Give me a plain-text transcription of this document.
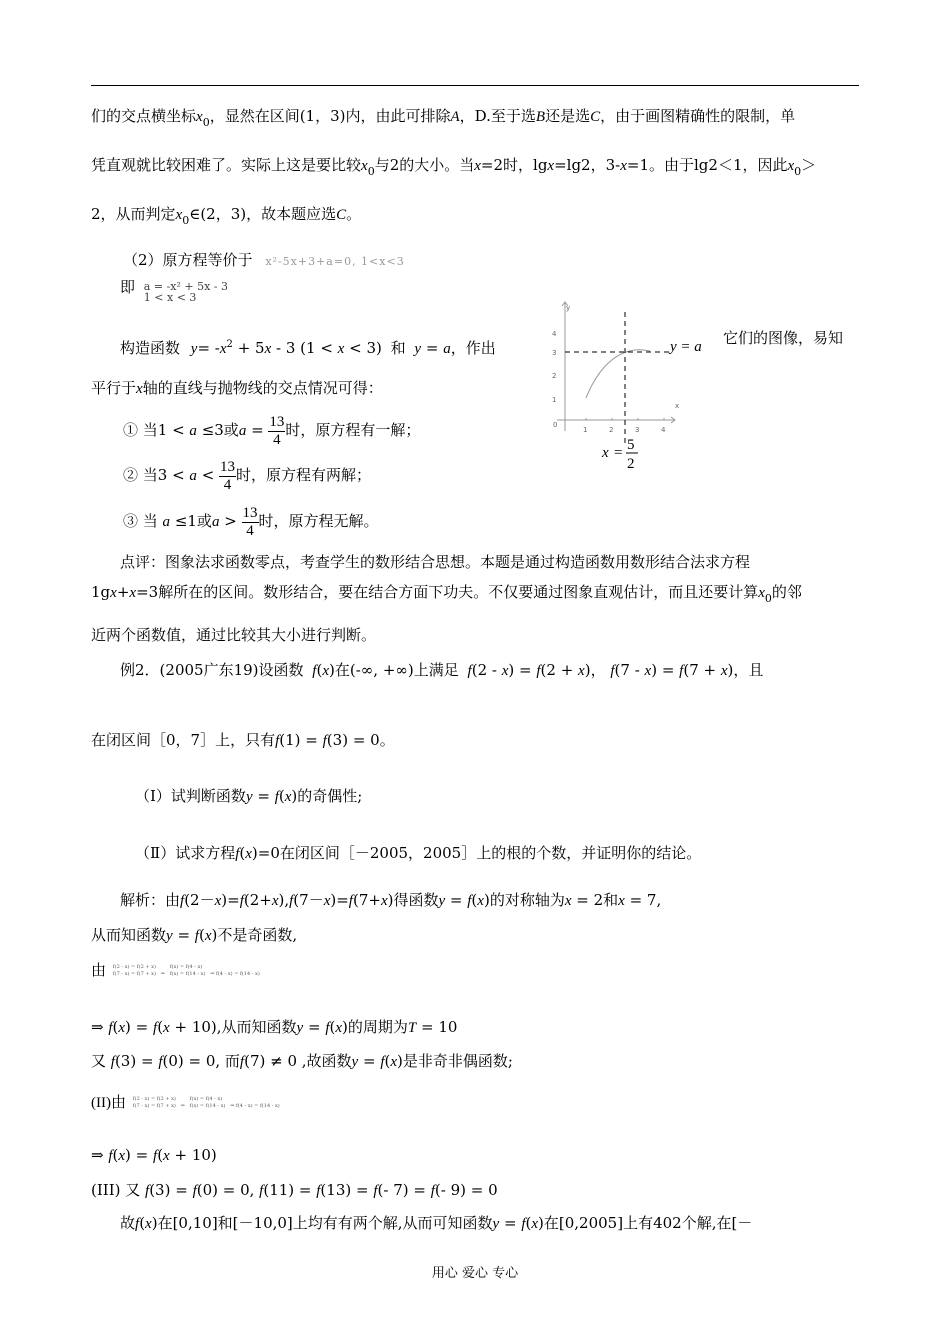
们的交点横坐标$x_0$，显然在区间(1，3)内，由此可排除A，D.至于选B还是选C，由于画图精确性的限制，单
凭直观就比较困难了。实际上这是要比较$x_0$与2的大小。当x=2时，lgx=lg2，3-x=1。由于lg2＜1，因此$x_0>$
2，从而判定$x_0\in(2$，3)，故本题应选C。
（2）原方程等价于 x²-5x+3+a=0, 1<x<3
即 a = -x² + 5x - 3
1 < x < 3
构造函数 $y= -x^2 + 5x - 3$ (1 < x < 3) 和 y = a，作出
它们的图像，易知
平行于x轴的直线与抛物线的交点情况可得：
① 当1 < a ≤3或$a = \frac{13}{4}$ 时，原方程有一解；
② 当$3 < a < \frac{13}{4}$ 时，原方程有两解；
③ 当 a ≤1或$a > \frac{13}{4}$ 时，原方程无解。
y
x
0
1	2	3	4
1
2
3
4
y = a
x = 5
2
点评：图象法求函数零点，考查学生的数形结合思想。本题是通过构造函数用数形结合法求方程
1gx+x=3解所在的区间。数形结合，要在结合方面下功夫。不仅要通过图象直观估计，而且还要计算$x_0$的邻
近两个函数值，通过比较其大小进行判断。
例2．(2005广东19)设函数 f(x)在(-∞, +∞)上满足 f(2 - x) = f(2 + x)， f(7 - x) = f(7 + x)，且
在闭区间［0，7］上，只有f(1) = f(3) = 0。
（Ⅰ）试判断函数y = f(x)的奇偶性;
（Ⅱ）试求方程f(x)=0在闭区间［－2005，2005］上的根的个数，并证明你的结论。
解析：由f(2－x)=f(2+x),f(7－x)=f(7+x)得函数y = f(x)的对称轴为x = 2和x = 7,
从而知函数y = f(x)不是奇函数,
由 f(2 - x) = f(2 + x)
f(7 - x) = f(7 + x) ⇒
f(x) = f(4 - x)
f(x) = f(14 - x) ⇒ f(4 - x) = f(14 - x)
⇒ f(x) = f(x + 10),从而知函数y = f(x)的周期为T = 10
又 f(3) = f(0) = 0, 而f(7) ≠ 0 ,故函数y = f(x)是非奇非偶函数;
(II)由 f(2 - x) = f(2 + x)
f(7 - x) = f(7 + x) ⇒
f(x) = f(4 - x)
f(x) = f(14 - x) ⇒ f(4 - x) = f(14 - x)
⇒ f(x) = f(x + 10)
(III) 又 f(3) = f(0) = 0, f(11) = f(13) = f(- 7) = f(- 9) = 0
故f(x)在[0,10]和[－10,0]上均有有两个解,从而可知函数y = f(x)在[0,2005]上有402个解,在[－
用心 爱心 专心
